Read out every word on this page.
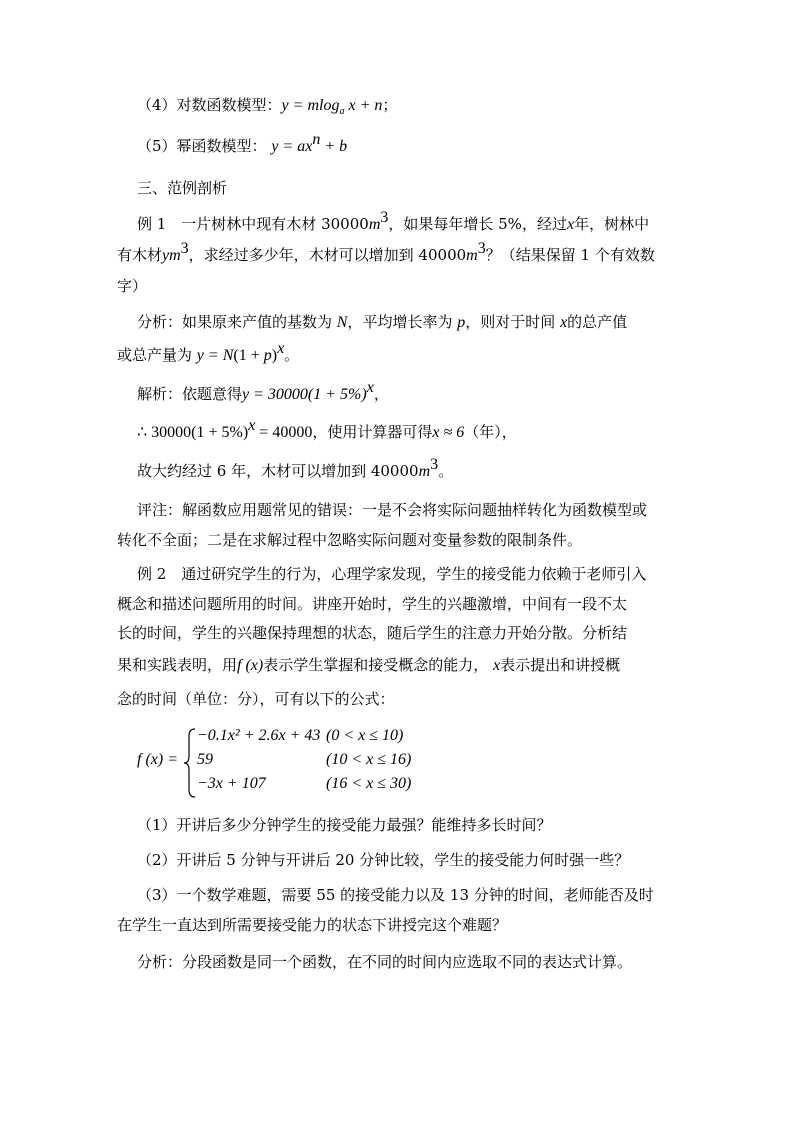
（4）对数函数模型：y = mlog$_a$ x + n；
（5）幂函数模型： $y = ax^n + b$
三、范例剖析
例 1　一片树林中现有木材 $30000m^3$，如果每年增长 5%，经过x年，树林中
有木材$ym^3$，求经过多少年，木材可以增加到 $40000m^3$？（结果保留 1 个有效数
字）
分析：如果原来产值的基数为 N，平均增长率为 p，则对于时间 x的总产值
或总产量为 $y = N(1 + p)^x$。
解析：依题意得$y = 30000(1 + 5\%)^x$，
∴ $30000(1 + 5\%)^x = 40000$，使用计算器可得x ≈ 6（年），
故大约经过 6 年，木材可以增加到 $40000m^3$。
评注：解函数应用题常见的错误：一是不会将实际问题抽样转化为函数模型或
转化不全面；二是在求解过程中忽略实际问题对变量参数的限制条件。
例 2　通过研究学生的行为，心理学家发现，学生的接受能力依赖于老师引入
概念和描述问题所用的时间。讲座开始时，学生的兴趣激增，中间有一段不太
长的时间，学生的兴趣保持理想的状态，随后学生的注意力开始分散。分析结
果和实践表明，用f (x)表示学生掌握和接受概念的能力， x表示提出和讲授概
念的时间（单位：分），可有以下的公式：
f (x) =
−0.1x² + 2.6x + 43
59
−3x + 107
(0 < x ≤ 10)
(10 < x ≤ 16)
(16 < x ≤ 30)
（1）开讲后多少分钟学生的接受能力最强？能维持多长时间？
（2）开讲后 5 分钟与开讲后 20 分钟比较，学生的接受能力何时强一些？
（3）一个数学难题，需要 55 的接受能力以及 13 分钟的时间，老师能否及时
在学生一直达到所需要接受能力的状态下讲授完这个难题？
分析：分段函数是同一个函数，在不同的时间内应选取不同的表达式计算。
